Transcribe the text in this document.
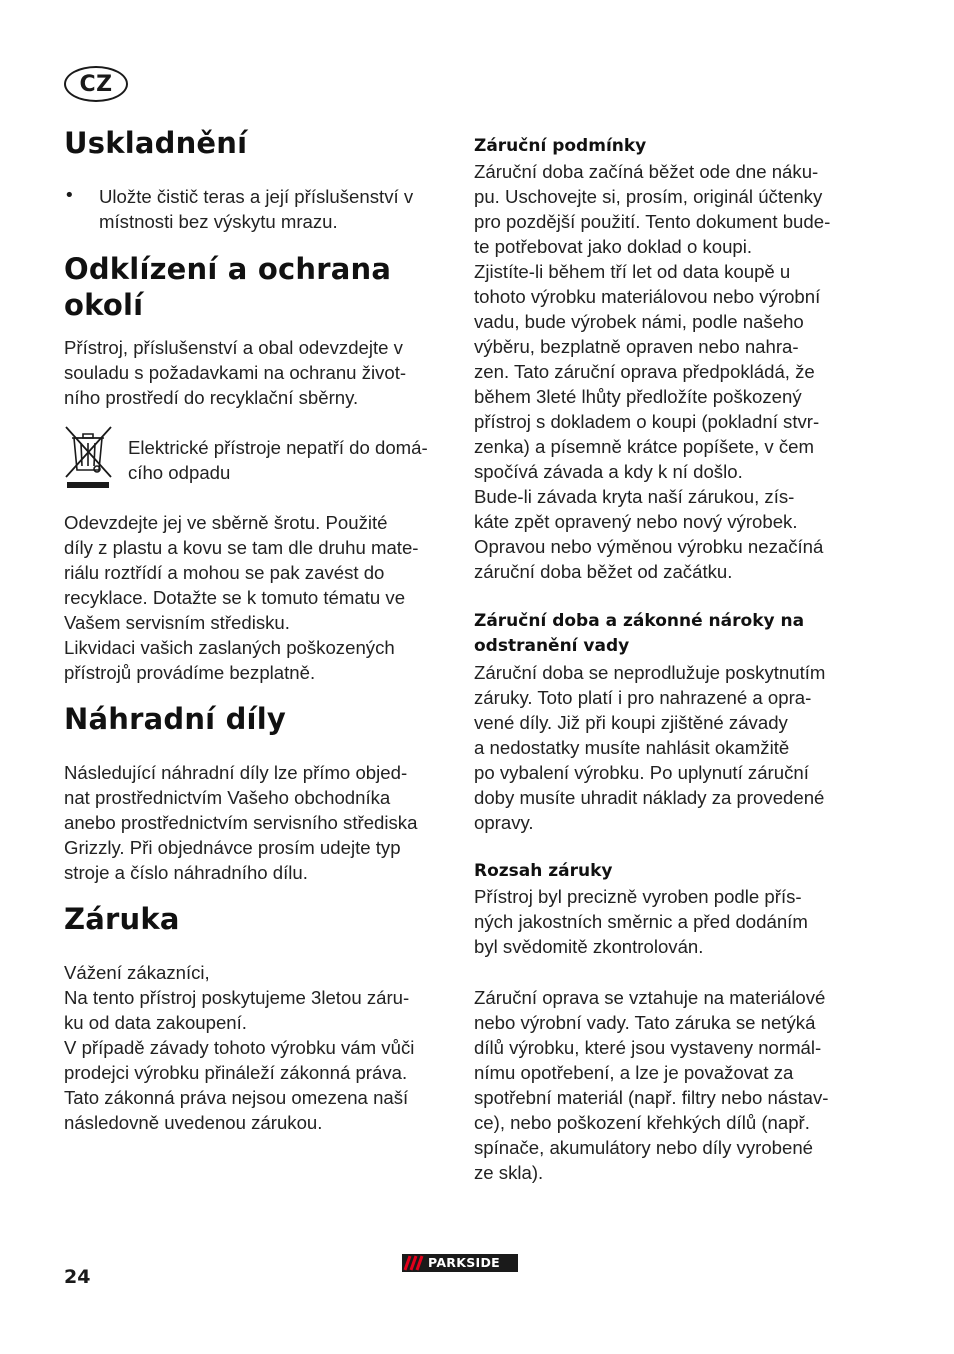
CZ
Uskladnění
• Uložte čistič teras a její příslušenství v
místnosti bez výskytu mrazu.

Odklízení a ochrana
okolí

Přístroj, příslušenství a obal odevzdejte v
souladu s požadavkami na ochranu život-
ního prostředí do recyklační sběrny.

Elektrické přístroje nepatří do domá-
cího odpadu

Odevzdejte jej ve sběrně šrotu. Použité
díly z plastu a kovu se tam dle druhu mate-
riálu roztřídí a mohou se pak zavést do
recyklace. Dotažte se k tomuto tématu ve
Vašem servisním středisku.
Likvidaci vašich zaslaných poškozených
přístrojů provádíme bezplatně.

Náhradní díly

Následující náhradní díly lze přímo objed-
nat prostřednictvím Vašeho obchodníka
anebo prostřednictvím servisního střediska
Grizzly. Při objednávce prosím udejte typ
stroje a číslo náhradního dílu.

Záruka

Vážení zákazníci,
Na tento přístroj poskytujeme 3letou záru-
ku od data zakoupení.
V případě závady tohoto výrobku vám vůči
prodejci výrobku přináleží zákonná práva.
Tato zákonná práva nejsou omezena naší
následovně uvedenou zárukou.

Záruční podmínky

Záruční doba začíná běžet ode dne náku-
pu. Uschovejte si, prosím, originál účtenky
pro pozdější použití. Tento dokument bude-
te potřebovat jako doklad o koupi.
Zjistíte-li během tří let od data koupě u
tohoto výrobku materiálovou nebo výrobní
vadu, bude výrobek námi, podle našeho
výběru, bezplatně opraven nebo nahra-
zen. Tato záruční oprava předpokládá, že
během 3leté lhůty předložíte poškozený
přístroj s dokladem o koupi (pokladní stvr-
zenka) a písemně krátce popíšete, v čem
spočívá závada a kdy k ní došlo.
Bude-li závada kryta naší zárukou, zís-
káte zpět opravený nebo nový výrobek.
Opravou nebo výměnou výrobku nezačíná
záruční doba běžet od začátku.

Záruční doba a zákonné nároky na
odstranění vady

Záruční doba se neprodlužuje poskytnutím
záruky. Toto platí i pro nahrazené a opra-
vené díly. Již při koupi zjištěné závady
a nedostatky musíte nahlásit okamžitě
po vybalení výrobku. Po uplynutí záruční
doby musíte uhradit náklady za provedené
opravy.

Rozsah záruky

Přístroj byl precizně vyroben podle přís-
ných jakostních směrnic a před dodáním
byl svědomitě zkontrolován.

Záruční oprava se vztahuje na materiálové
nebo výrobní vady. Tato záruka se netýká
dílů výrobku, které jsou vystaveny normál-
nímu opotřebení, a lze je považovat za
spotřební materiál (např. filtry nebo nástav-
ce), nebo poškození křehkých dílů (např.
spínače, akumulátory nebo díly vyrobené
ze skla).

PARKSIDE
24
